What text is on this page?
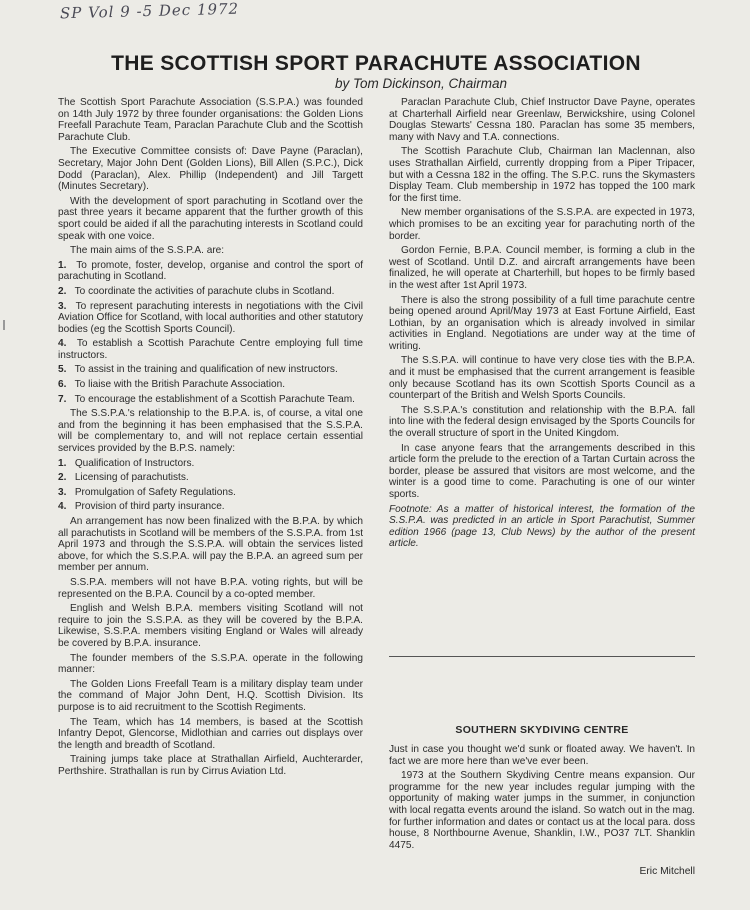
SP Vol 9 -5 Dec 1972
THE SCOTTISH SPORT PARACHUTE ASSOCIATION
by Tom Dickinson, Chairman

The Scottish Sport Parachute Association (S.S.P.A.) was founded on 14th July 1972 by three founder organisations: the Golden Lions Freefall Parachute Team, Paraclan Parachute Club and the Scottish Parachute Club.

The Executive Committee consists of: Dave Payne (Paraclan), Secretary, Major John Dent (Golden Lions), Bill Allen (S.P.C.), Dick Dodd (Paraclan), Alex. Phillip (Independent) and Jill Targett (Minutes Secretary).

With the development of sport parachuting in Scotland over the past three years it became apparent that the further growth of this sport could be aided if all the parachuting interests in Scotland could speak with one voice.

The main aims of the S.S.P.A. are:

1. To promote, foster, develop, organise and control the sport of parachuting in Scotland.
2. To coordinate the activities of parachute clubs in Scotland.
3. To represent parachuting interests in negotiations with the Civil Aviation Office for Scotland, with local authorities and other statutory bodies (eg the Scottish Sports Council).
4. To establish a Scottish Parachute Centre employing full time instructors.
5. To assist in the training and qualification of new instructors.
6. To liaise with the British Parachute Association.
7. To encourage the establishment of a Scottish Parachute Team.

The S.S.P.A.'s relationship to the B.P.A. is, of course, a vital one and from the beginning it has been emphasised that the S.S.P.A. will be complementary to, and will not replace certain essential services provided by the B.P.S. namely:

1. Qualification of Instructors.
2. Licensing of parachutists.
3. Promulgation of Safety Regulations.
4. Provision of third party insurance.

An arrangement has now been finalized with the B.P.A. by which all parachutists in Scotland will be members of the S.S.P.A. from 1st April 1973 and through the S.S.P.A. will obtain the services listed above, for which the S.S.P.A. will pay the B.P.A. an agreed sum per member per annum.

S.S.P.A. members will not have B.P.A. voting rights, but will be represented on the B.P.A. Council by a co-opted member.

English and Welsh B.P.A. members visiting Scotland will not require to join the S.S.P.A. as they will be covered by the B.P.A. Likewise, S.S.P.A. members visiting England or Wales will already be covered by B.P.A. insurance.

The founder members of the S.S.P.A. operate in the following manner:

The Golden Lions Freefall Team is a military display team under the command of Major John Dent, H.Q. Scottish Division. Its purpose is to aid recruitment to the Scottish Regiments.

The Team, which has 14 members, is based at the Scottish Infantry Depot, Glencorse, Midlothian and carries out displays over the length and breadth of Scotland.

Training jumps take place at Strathallan Airfield, Auchterarder, Perthshire. Strathallan is run by Cirrus Aviation Ltd.

Paraclan Parachute Club, Chief Instructor Dave Payne, operates at Charterhall Airfield near Greenlaw, Berwickshire, using Colonel Douglas Stewarts' Cessna 180. Paraclan has some 35 members, many with Navy and T.A. connections.

The Scottish Parachute Club, Chairman Ian Maclennan, also uses Strathallan Airfield, currently dropping from a Piper Tripacer, but with a Cessna 182 in the offing. The S.P.C. runs the Skymasters Display Team. Club membership in 1972 has topped the 100 mark for the first time.

New member organisations of the S.S.P.A. are expected in 1973, which promises to be an exciting year for parachuting north of the border.

Gordon Fernie, B.P.A. Council member, is forming a club in the west of Scotland. Until D.Z. and aircraft arrangements have been finalized, he will operate at Charterhill, but hopes to be firmly based in the west after 1st April 1973.

There is also the strong possibility of a full time parachute centre being opened around April/May 1973 at East Fortune Airfield, East Lothian, by an organisation which is already involved in similar activities in England. Negotiations are under way at the time of writing.

The S.S.P.A. will continue to have very close ties with the B.P.A. and it must be emphasised that the current arrangement is feasible only because Scotland has its own Scottish Sports Council as a counterpart of the British and Welsh Sports Councils.

The S.S.P.A.'s constitution and relationship with the B.P.A. fall into line with the federal design envisaged by the Sports Councils for the overall structure of sport in the United Kingdom.

In case anyone fears that the arrangements described in this article form the prelude to the erection of a Tartan Curtain across the border, please be assured that visitors are most welcome, and the winter is a good time to come. Parachuting is one of our winter sports.

Footnote: As a matter of historical interest, the formation of the S.S.P.A. was predicted in an article in Sport Parachutist, Summer edition 1966 (page 13, Club News) by the author of the present article.

SOUTHERN SKYDIVING CENTRE

Just in case you thought we'd sunk or floated away. We haven't. In fact we are more here than we've ever been.

1973 at the Southern Skydiving Centre means expansion. Our programme for the new year includes regular jumping with the opportunity of making water jumps in the summer, in conjunction with local regatta events around the island. So watch out in the mag. for further information and dates or contact us at the local para. doss house, 8 Northbourne Avenue, Shanklin, I.W., PO37 7LT. Shanklin 4475.

Eric Mitchell
